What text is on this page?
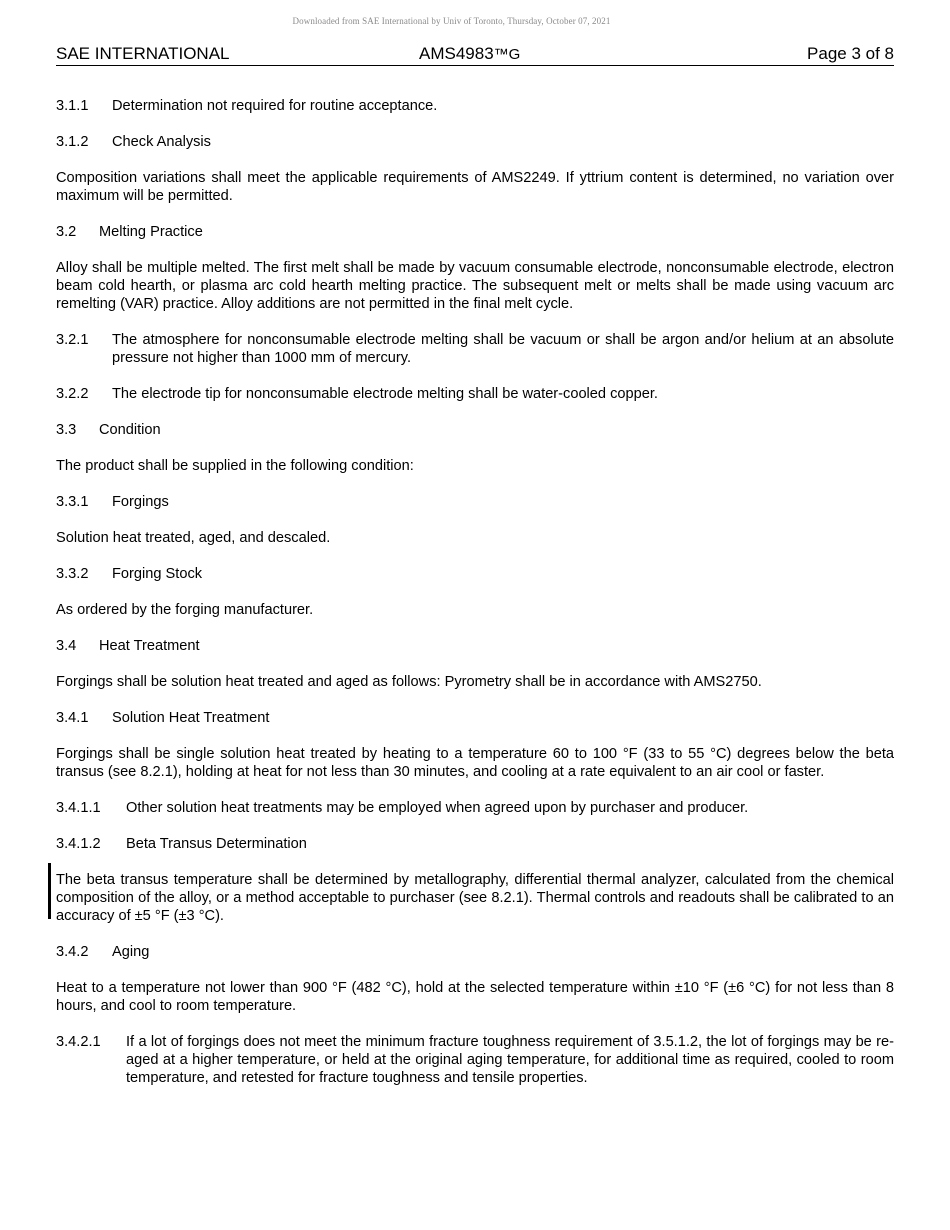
Downloaded from SAE International by Univ of Toronto, Thursday, October 07, 2021
SAE INTERNATIONAL	AMS4983™G	Page 3 of 8
3.1.1 Determination not required for routine acceptance.
3.1.2 Check Analysis

Composition variations shall meet the applicable requirements of AMS2249. If yttrium content is determined, no variation over maximum will be permitted.

3.2 Melting Practice

Alloy shall be multiple melted. The first melt shall be made by vacuum consumable electrode, nonconsumable electrode, electron beam cold hearth, or plasma arc cold hearth melting practice. The subsequent melt or melts shall be made using vacuum arc remelting (VAR) practice. Alloy additions are not permitted in the final melt cycle.

3.2.1	The atmosphere for nonconsumable electrode melting shall be vacuum or shall be argon and/or helium at an absolute pressure not higher than 1000 mm of mercury.
3.2.2	The electrode tip for nonconsumable electrode melting shall be water-cooled copper.
3.3 Condition

The product shall be supplied in the following condition:

3.3.1 Forgings

Solution heat treated, aged, and descaled.

3.3.2 Forging Stock

As ordered by the forging manufacturer.

3.4 Heat Treatment

Forgings shall be solution heat treated and aged as follows: Pyrometry shall be in accordance with AMS2750.

3.4.1 Solution Heat Treatment

Forgings shall be single solution heat treated by heating to a temperature 60 to 100 °F (33 to 55 °C) degrees below the beta transus (see 8.2.1), holding at heat for not less than 30 minutes, and cooling at a rate equivalent to an air cool or faster.

3.4.1.1	Other solution heat treatments may be employed when agreed upon by purchaser and producer.
3.4.1.2 Beta Transus Determination

The beta transus temperature shall be determined by metallography, differential thermal analyzer, calculated from the chemical composition of the alloy, or a method acceptable to purchaser (see 8.2.1). Thermal controls and readouts shall be calibrated to an accuracy of ±5 °F (±3 °C).

3.4.2 Aging

Heat to a temperature not lower than 900 °F (482 °C), hold at the selected temperature within ±10 °F (±6 °C) for not less than 8 hours, and cool to room temperature.

3.4.2.1	If a lot of forgings does not meet the minimum fracture toughness requirement of 3.5.1.2, the lot of forgings may be re-aged at a higher temperature, or held at the original aging temperature, for additional time as required, cooled to room temperature, and retested for fracture toughness and tensile properties.
